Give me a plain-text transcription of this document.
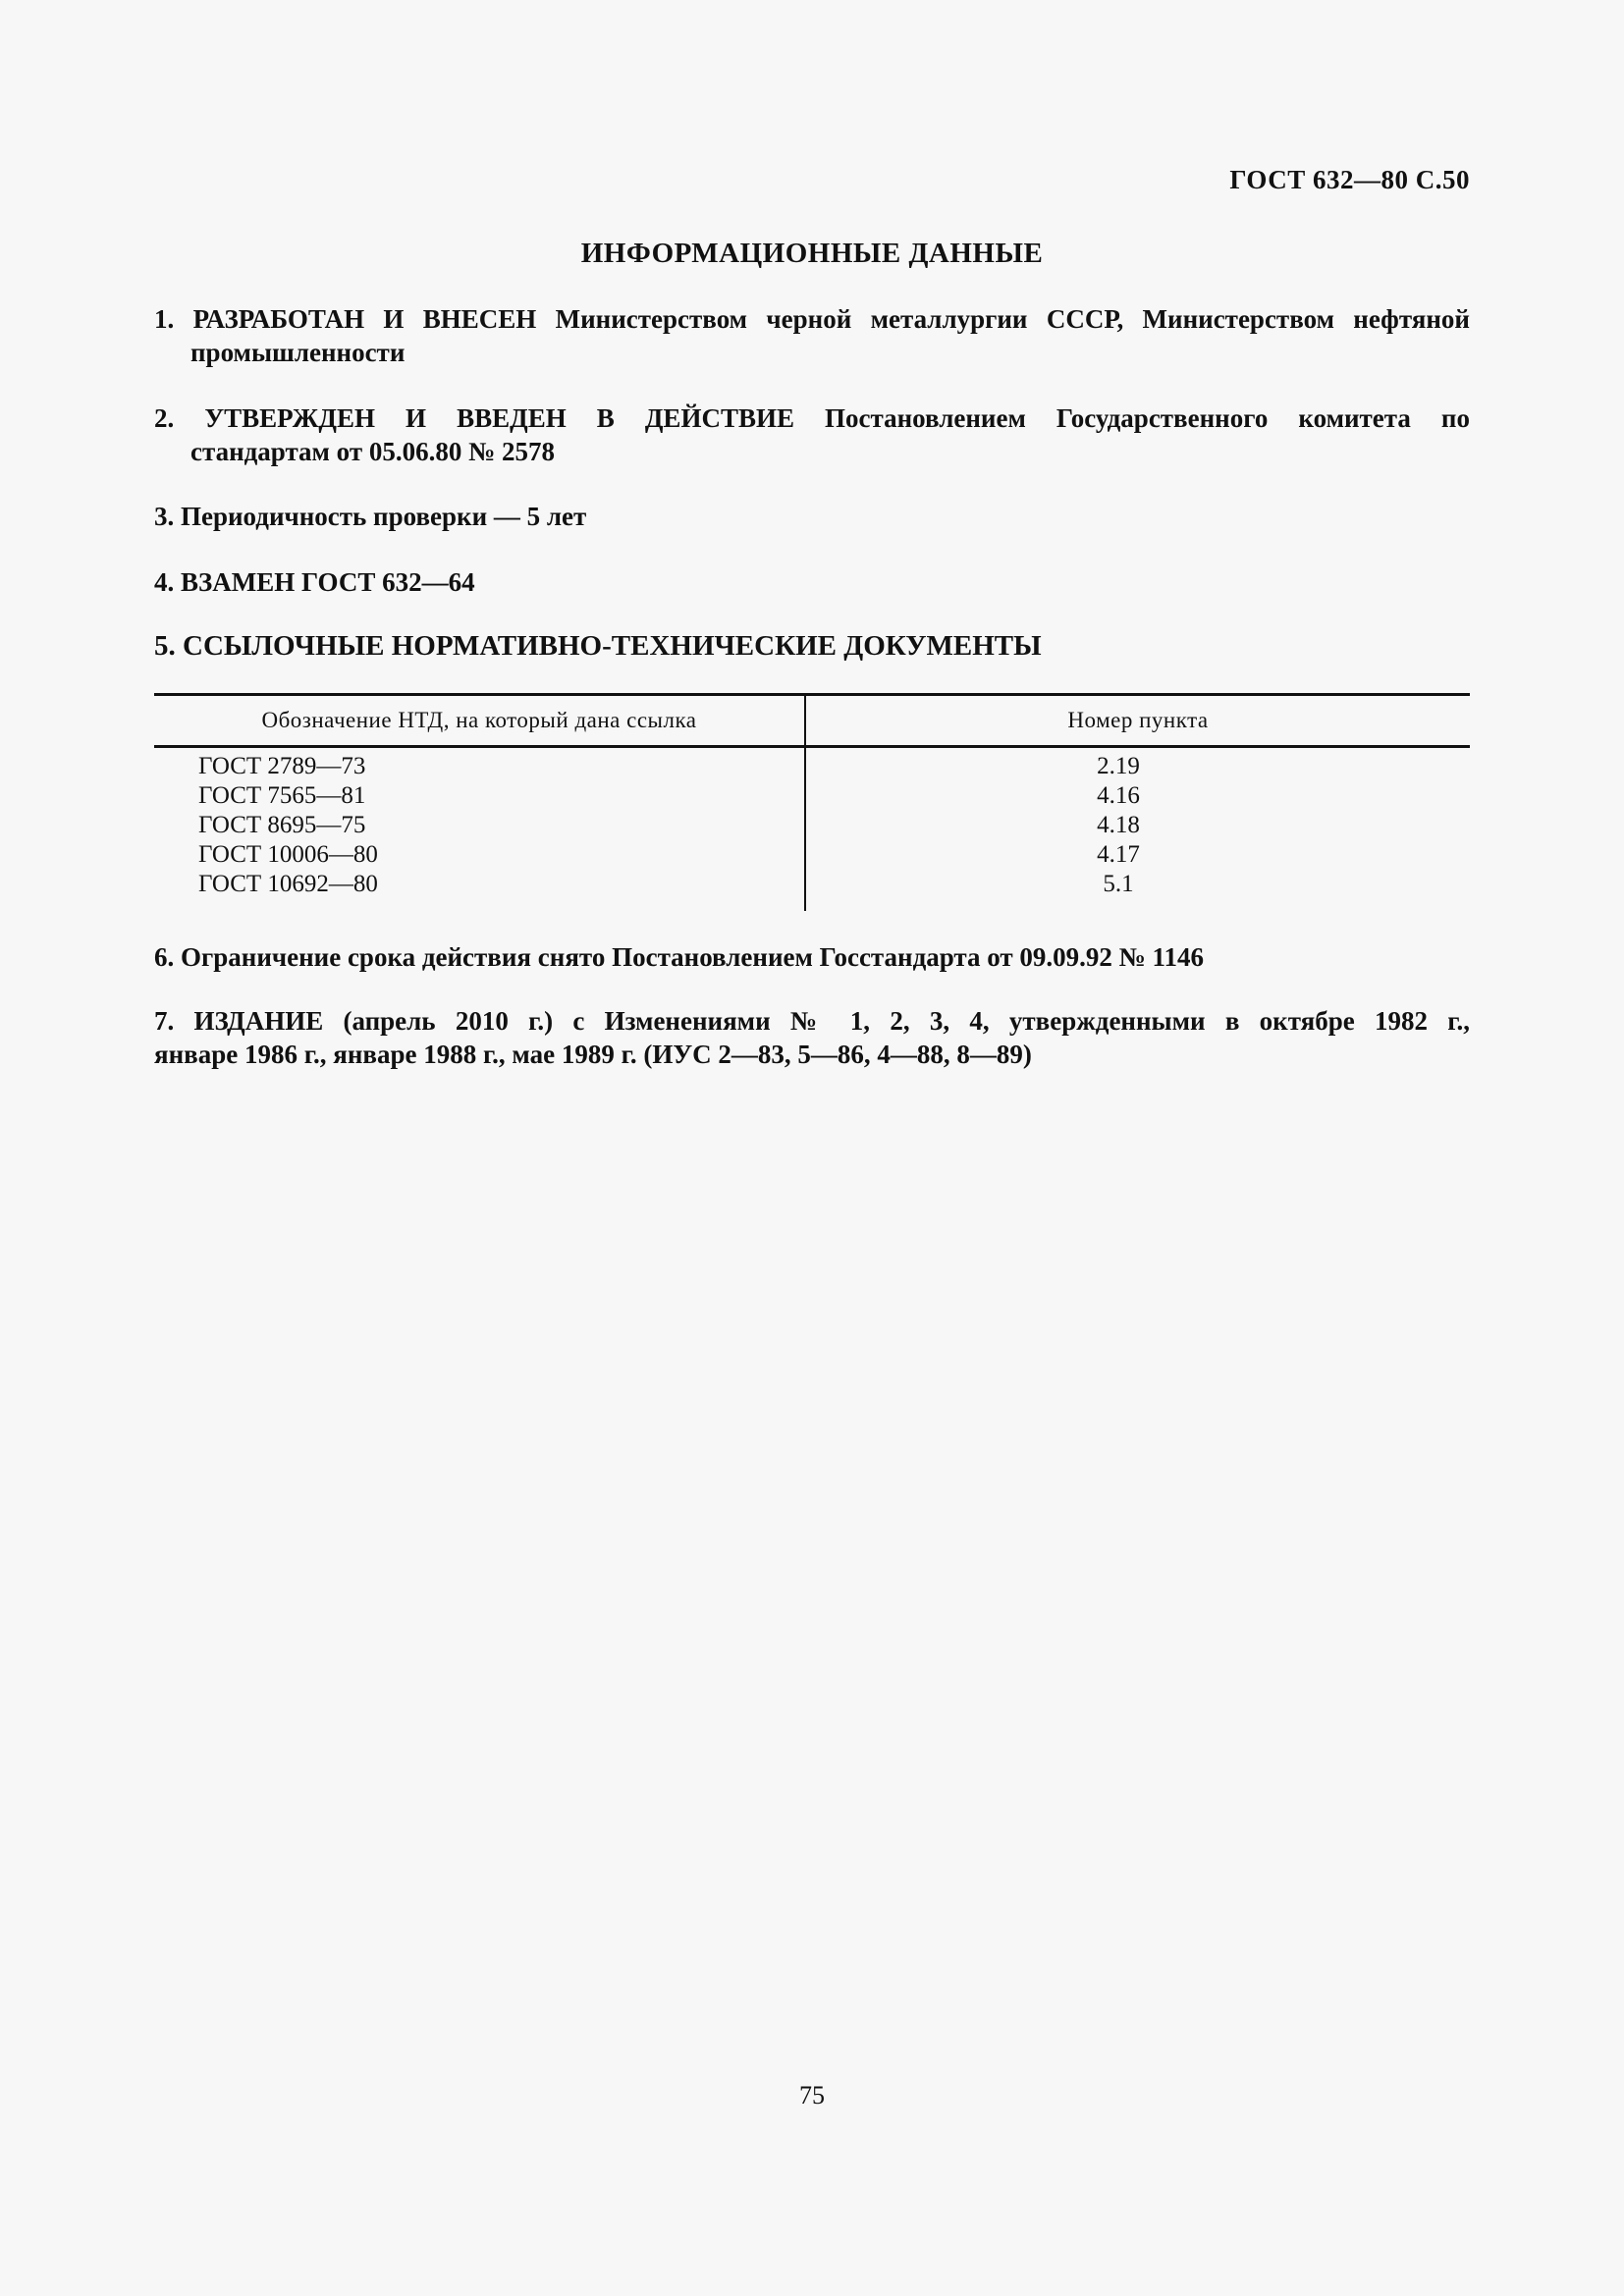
ГОСТ 632—80 С.50
ИНФОРМАЦИОННЫЕ ДАННЫЕ
1. РАЗРАБОТАН И ВНЕСЕН Министерством черной металлургии СССР, Министерством нефтяной
промышленности
2. УТВЕРЖДЕН И ВВЕДЕН В ДЕЙСТВИЕ Постановлением Государственного комитета по
стандартам от 05.06.80 № 2578
3. Периодичность проверки — 5 лет
4. ВЗАМЕН ГОСТ 632—64
5. ССЫЛОЧНЫЕ НОРМАТИВНО-ТЕХНИЧЕСКИЕ ДОКУМЕНТЫ
Обозначение НТД, на который дана ссылка	Номер пункта
ГОСТ 2789—73	2.19
ГОСТ 7565—81	4.16
ГОСТ 8695—75	4.18
ГОСТ 10006—80	4.17
ГОСТ 10692—80	5.1
6. Ограничение срока действия снято Постановлением Госстандарта от 09.09.92 № 1146
7. ИЗДАНИЕ (апрель 2010 г.) с Изменениями № 1, 2, 3, 4, утвержденными в октябре 1982 г.,
январе 1986 г., январе 1988 г., мае 1989 г. (ИУС 2—83, 5—86, 4—88, 8—89)
75
